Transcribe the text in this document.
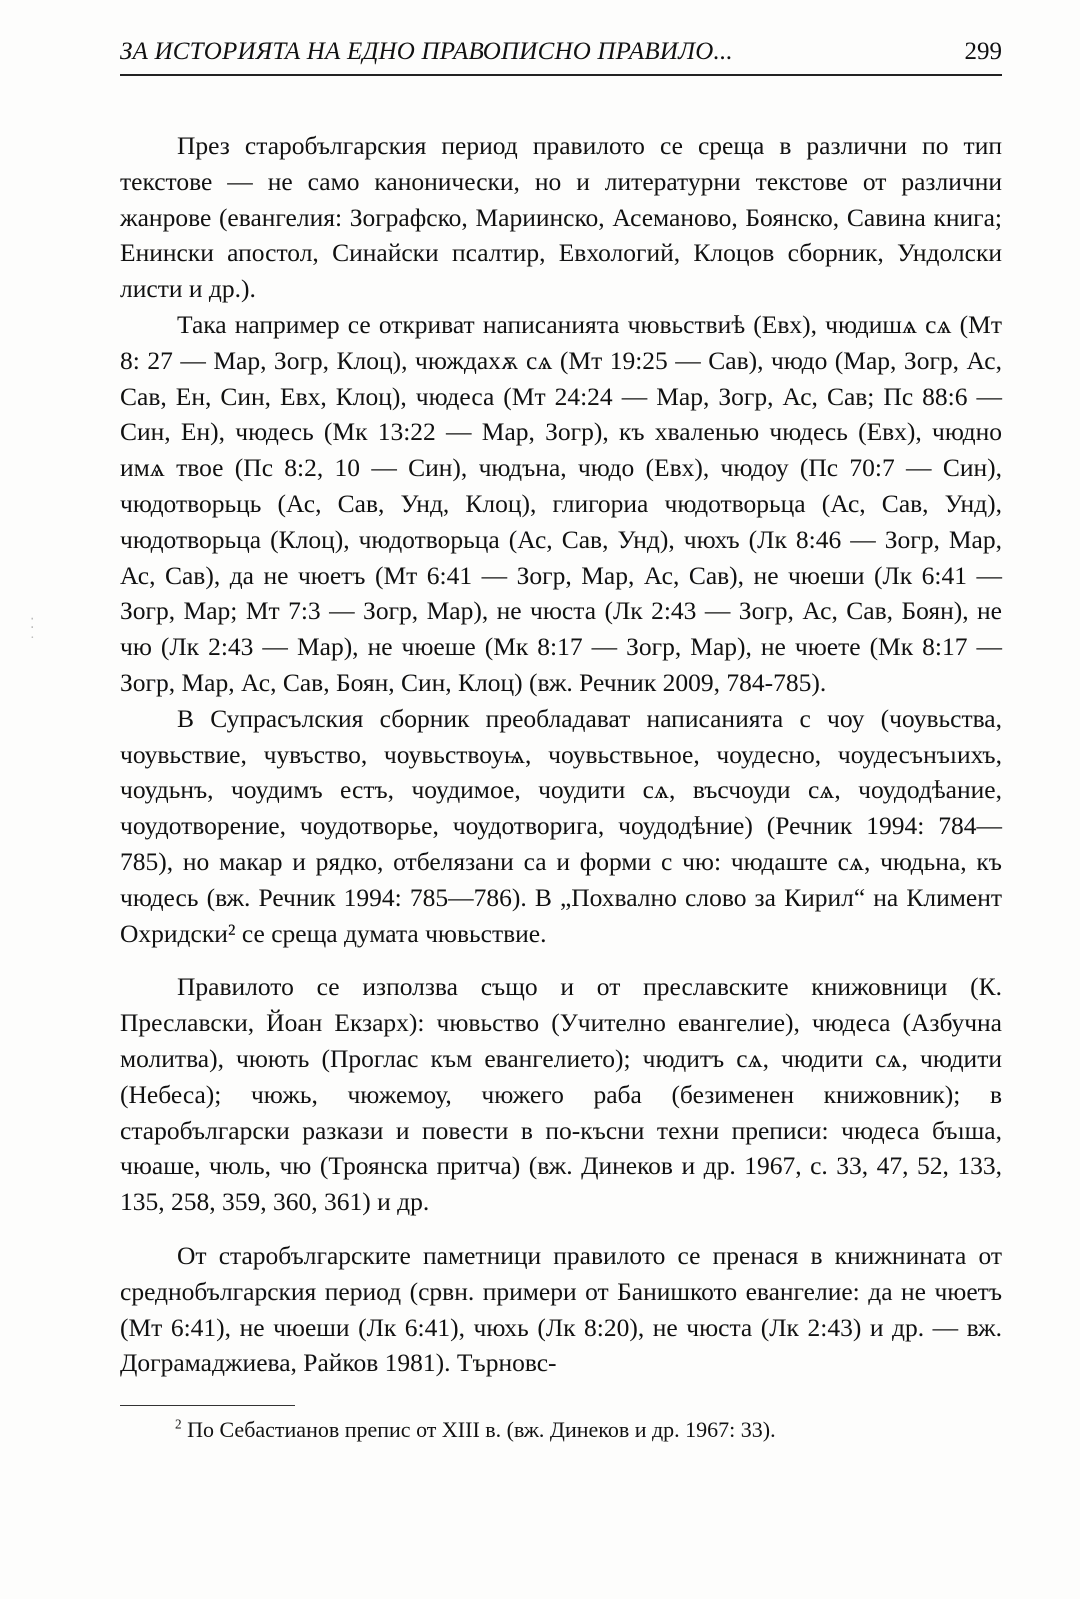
ЗА ИСТОРИЯТА НА ЕДНО ПРАВОПИСНО ПРАВИЛО...	299
⁚
·

През старобългарския период правилото се среща в различни по тип текстове — не само канонически, но и литературни текстове от различни жанрове (евангелия: Зографско, Мариинско, Асеманово, Боянско, Савина книга; Енински апостол, Синайски псалтир, Евхологий, Клоцов сборник, Ундолски листи и др.).

Така например се откриват написанията чювьствиѣ (Евх), чюдишѧ сѧ (Мт 8: 27 — Мар, Зогр, Клоц), чюждахѫ сѧ (Мт 19:25 — Сав), чюдо (Мар, Зогр, Ас, Сав, Ен, Син, Евх, Клоц), чюдеса (Мт 24:24 — Мар, Зогр, Ас, Сав; Пс 88:6 — Син, Ен), чюдесь (Мк 13:22 — Мар, Зогр), къ хваленью чюдесь (Евх), чюдно имѧ твое (Пс 8:2, 10 — Син), чюдъна, чюдо (Евх), чюдоу (Пс 70:7 — Син), чюдотворьць (Ас, Сав, Унд, Клоц), глигориа чюдотворьца (Ас, Сав, Унд), чюдотворьца (Клоц), чюдотворьца (Ас, Сав, Унд), чюхъ (Лк 8:46 — Зогр, Мар, Ас, Сав), да не чюетъ (Мт 6:41 — Зогр, Мар, Ас, Сав), не чюеши (Лк 6:41 — Зогр, Мар; Мт 7:3 — Зогр, Мар), не чюста (Лк 2:43 — Зогр, Ас, Сав, Боян), не чю (Лк 2:43 — Мар), не чюеше (Мк 8:17 — Зогр, Мар), не чюете (Мк 8:17 — Зогр, Мар, Ас, Сав, Боян, Син, Клоц) (вж. Речник 2009, 784-785).

В Супрасълския сборник преобладават написанията с чоу (чоувьства, чоувьствие, чувъство, чоувьствоуѩ, чоувьствьное, чоудесно, чоудесънъıихъ, чоудьнъ, чоудимъ естъ, чоудимое, чоудити сѧ, въсчоуди сѧ, чоудодѣание, чоудотворение, чоудотворье, чоудотворига, чоудодѣние) (Речник 1994: 784—785), но макар и рядко, отбелязани са и форми с чю: чюдаште сѧ, чюдьна, къ чюдесь (вж. Речник 1994: 785—786). В „Похвално слово за Кирил“ на Климент Охридски² се среща думата чювьствие.

Правилото се използва също и от преславските книжовници (К. Преславски, Йоан Екзарх): чювьство (Учително евангелие), чюдеса (Азбучна молитва), чюють (Проглас към евангелието); чюдитъ сѧ, чюдити сѧ, чюдити (Небеса); чюжь, чюжемоу, чюжего раба (безименен книжовник); в старобългарски разкази и повести в по-късни техни преписи: чюдеса бъıша, чюаше, чюль, чю (Троянска притча) (вж. Динеков и др. 1967, с. 33, 47, 52, 133, 135, 258, 359, 360, 361) и др.

От старобългарските паметници правилото се пренася в книжнината от среднобългарския период (срвн. примери от Банишкото евангелие: да не чюетъ (Мт 6:41), не чюеши (Лк 6:41), чюхь (Лк 8:20), не чюста (Лк 2:43) и др. — вж. Дограмаджиева, Райков 1981). Търновс-

$^2$ По Себастианов препис от XIII в. (вж. Динеков и др. 1967: 33).
